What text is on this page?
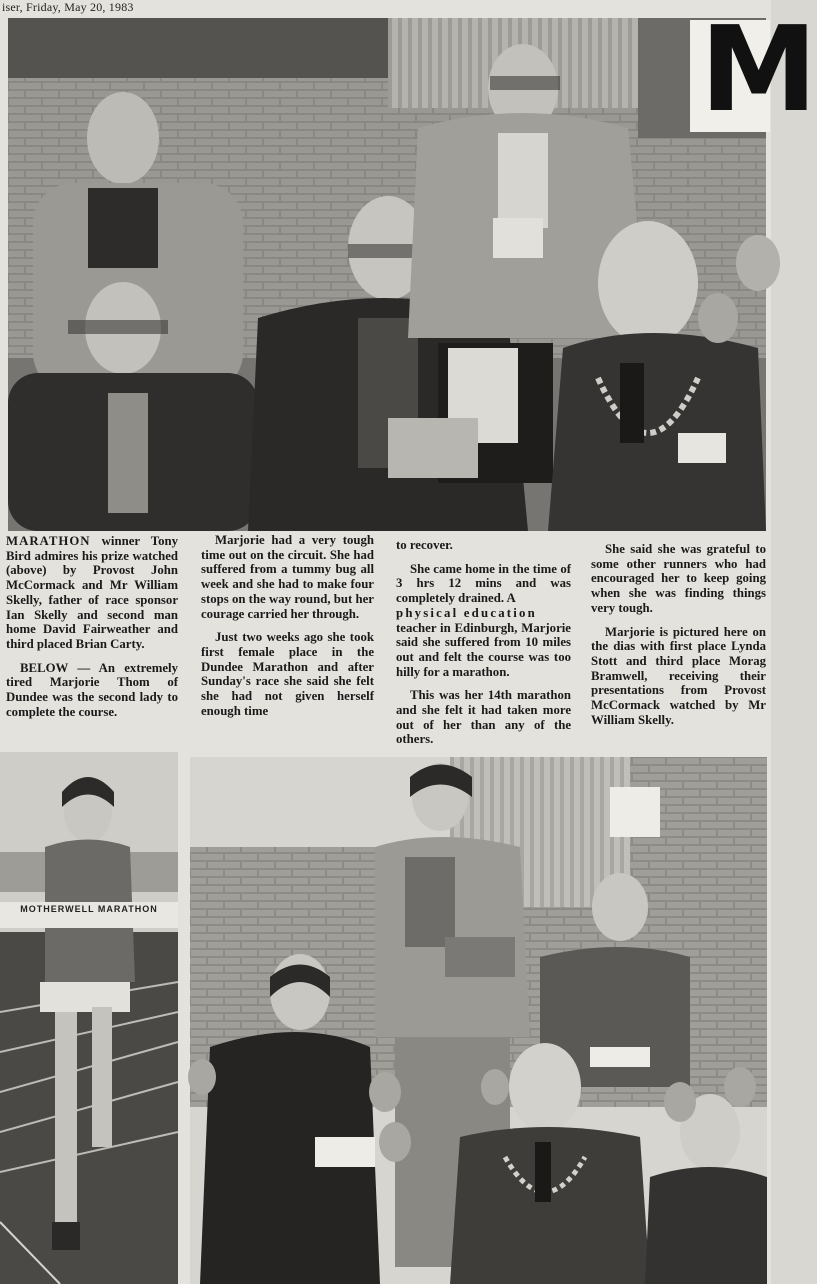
iser, Friday, May 20, 1983	M

MARATHON winner Tony Bird admires his prize watched (above) by Provost John McCormack and Mr William Skelly, father of race sponsor Ian Skelly and second man home David Fairweather and third placed Brian Carty.

BELOW — An extremely tired Marjorie Thom of Dundee was the second lady to complete the course.

Marjorie had a very tough time out on the circuit. She had suffered from a tummy bug all week and she had to make four stops on the way round, but her courage carried her through.

Just two weeks ago she took first female place in the Dundee Marathon and after Sunday's race she said she felt she had not given herself enough time

to recover.

She came home in the time of 3 hrs 12 mins and was completely drained. A

physical education

teacher in Edinburgh, Marjorie said she suffered from 10 miles out and felt the course was too hilly for a marathon.

This was her 14th marathon and she felt it had taken more out of her than any of the others.

She said she was grateful to some other runners who had encouraged her to keep going when she was finding things very tough.

Marjorie is pictured here on the dias with first place Lynda Stott and third place Morag Bramwell, receiving their presentations from Provost McCormack watched by Mr William Skelly.

MOTHERWELL MARATHON
